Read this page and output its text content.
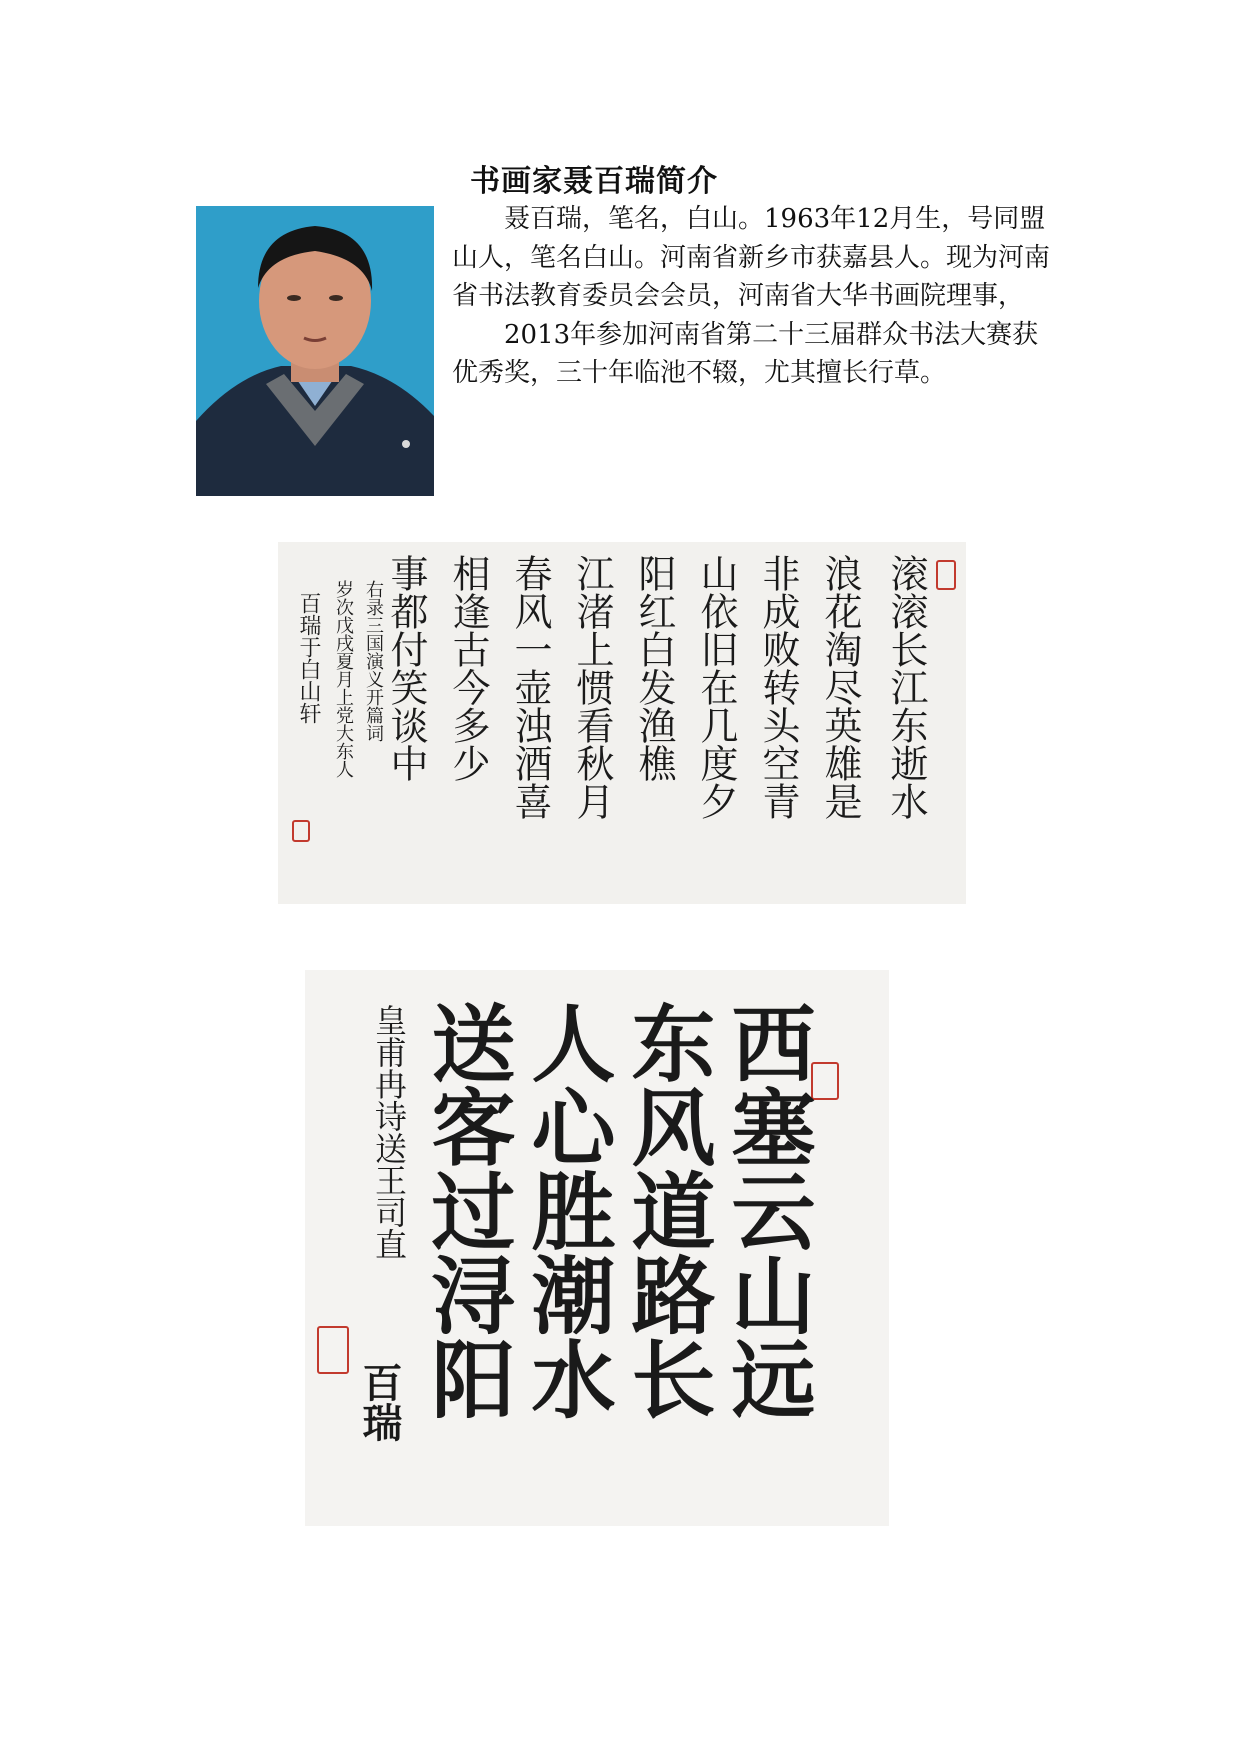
书画家聂百瑞简介

聂百瑞，笔名，白山。1963年12月生，号同盟山人，笔名白山。河南省新乡市获嘉县人。现为河南省书法教育委员会会员，河南省大华书画院理事，

2013年参加河南省第二十三届群众书法大赛获优秀奖，三十年临池不辍，尤其擅长行草。

滚滚长江东逝水
浪花淘尽英雄是
非成败转头空青
山依旧在几度夕
阳红白发渔樵
江渚上惯看秋月
春风一壶浊酒喜
相逢古今多少
事都付笑谈中
右录三国演义开篇词
岁次戊戌夏月上党大东人
百瑞于白山轩
西塞云山远
东风道路长
人心胜潮水
送客过浔阳
皇甫冉诗送王司直
百瑞
